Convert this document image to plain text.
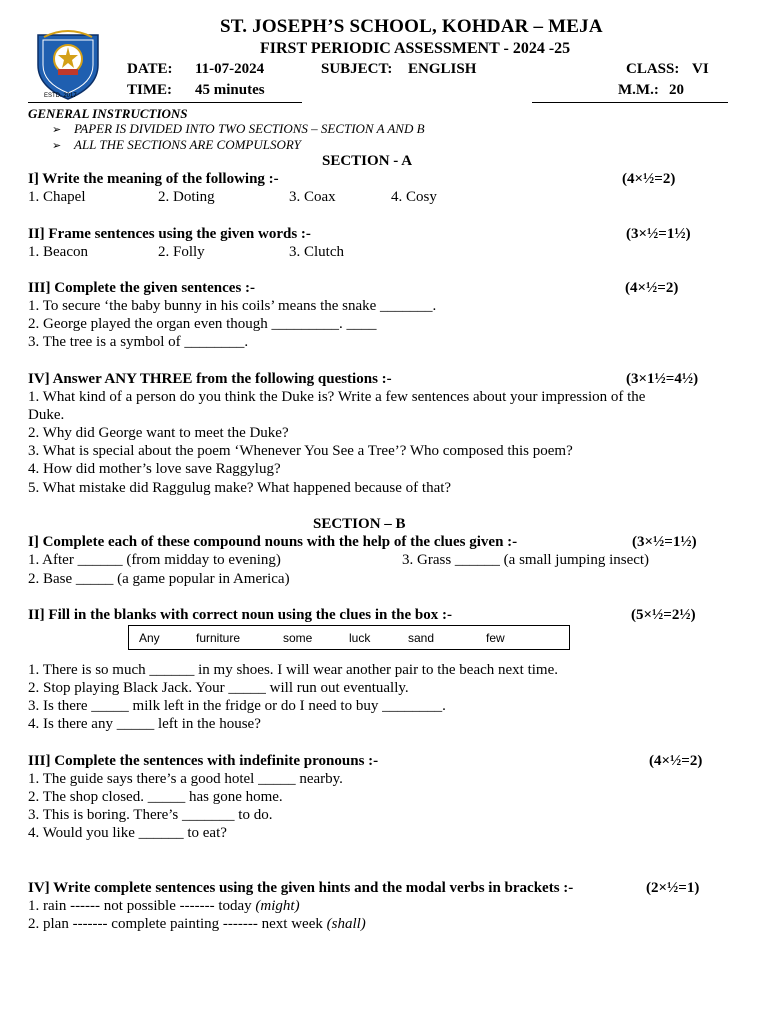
ESTD. 2017
ST. JOSEPH’S SCHOOL, KOHDAR – MEJA
FIRST PERIODIC ASSESSMENT - 2024 -25
DATE: 11-07-2024	SUBJECT: ENGLISH	CLASS: VI
TIME: 45 minutes	M.M.: 20
GENERAL INSTRUCTIONS
➢ PAPER IS DIVIDED INTO TWO SECTIONS – SECTION A AND B
➢ ALL THE SECTIONS ARE COMPULSORY
SECTION - A
I] Write the meaning of the following :-	(4×½=2)
1. Chapel	2. Doting	3. Coax	4. Cosy
II] Frame sentences using the given words :-	(3×½=1½)
1. Beacon	2. Folly	3. Clutch
III] Complete the given sentences :-	(4×½=2)
1. To secure ‘the baby bunny in his coils’ means the snake _______.
2. George played the organ even though _________. ____
3. The tree is a symbol of ________.
IV] Answer ANY THREE from the following questions :-	(3×1½=4½)
1. What kind of a person do you think the Duke is? Write a few sentences about your impression of the
Duke.
2. Why did George want to meet the Duke?
3. What is special about the poem ‘Whenever You See a Tree’? Who composed this poem?
4. How did mother’s love save Raggylug?
5. What mistake did Raggulug make? What happened because of that?
SECTION – B
I] Complete each of these compound nouns with the help of the clues given :-	(3×½=1½)
1. After ______ (from midday to evening)	3. Grass ______ (a small jumping insect)
2. Base _____ (a game popular in America)
II] Fill in the blanks with correct noun using the clues in the box :-	(5×½=2½)
Any	furniture	some	luck	sand	few
1. There is so much ______ in my shoes. I will wear another pair to the beach next time.
2. Stop playing Black Jack. Your _____ will run out eventually.
3. Is there _____ milk left in the fridge or do I need to buy ________.
4. Is there any _____ left in the house?
III] Complete the sentences with indefinite pronouns :-	(4×½=2)
1. The guide says there’s a good hotel _____ nearby.
2. The shop closed. _____ has gone home.
3. This is boring. There’s _______ to do.
4. Would you like ______ to eat?
IV] Write complete sentences using the given hints and the modal verbs in brackets :-	(2×½=1)
1. rain ------ not possible ------- today (might)
2. plan ------- complete painting ------- next week (shall)
